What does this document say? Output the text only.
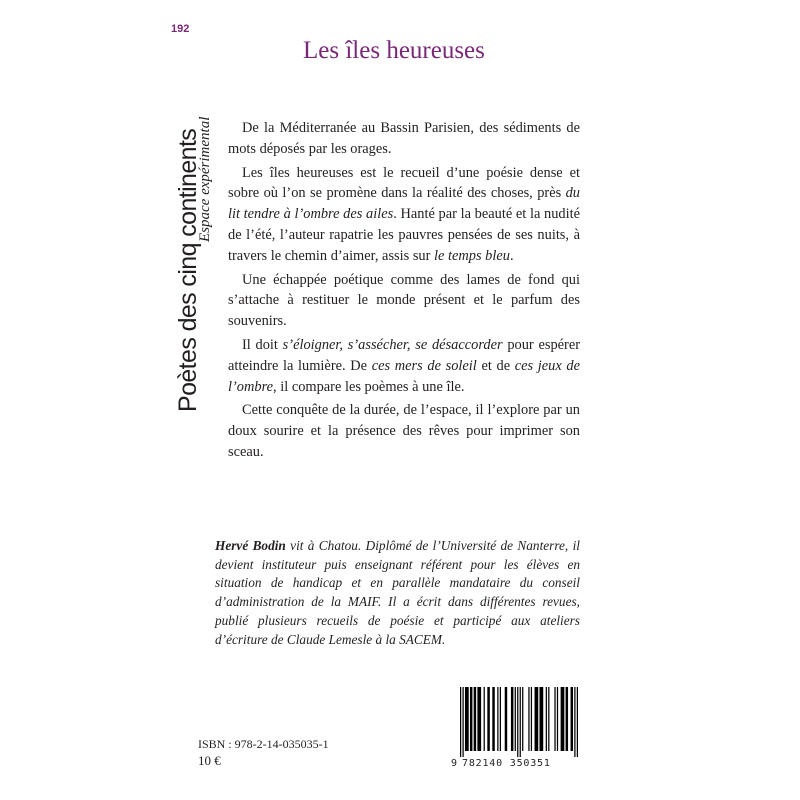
192
Poètes des cinq continents
Espace expérimental
Les îles heureuses

De la Méditerranée au Bassin Parisien, des sédiments de mots déposés par les orages.

Les îles heureuses est le recueil d’une poésie dense et sobre où l’on se promène dans la réalité des choses, près du lit tendre à l’ombre des ailes. Hanté par la beauté et la nudité de l’été, l’auteur rapatrie les pauvres pensées de ses nuits, à travers le chemin d’aimer, assis sur le temps bleu.

Une échappée poétique comme des lames de fond qui s’attache à restituer le monde présent et le parfum des souvenirs.

Il doit s’éloigner, s’assécher, se désaccorder pour espérer atteindre la lumière. De ces mers de soleil et de ces jeux de l’ombre, il compare les poèmes à une île.

Cette conquête de la durée, de l’espace, il l’explore par un doux sourire et la présence des rêves pour imprimer son sceau.

Hervé Bodin vit à Chatou. Diplômé de l’Université de Nanterre, il devient instituteur puis enseignant référent pour les élèves en situation de handicap et en parallèle mandataire du conseil d’administration de la MAIF. Il a écrit dans différentes revues, publié plusieurs recueils de poésie et participé aux ateliers d’écriture de Claude Lemesle à la SACEM.
ISBN : 978-2-14-035035-1
10 €	9 782140 350351
